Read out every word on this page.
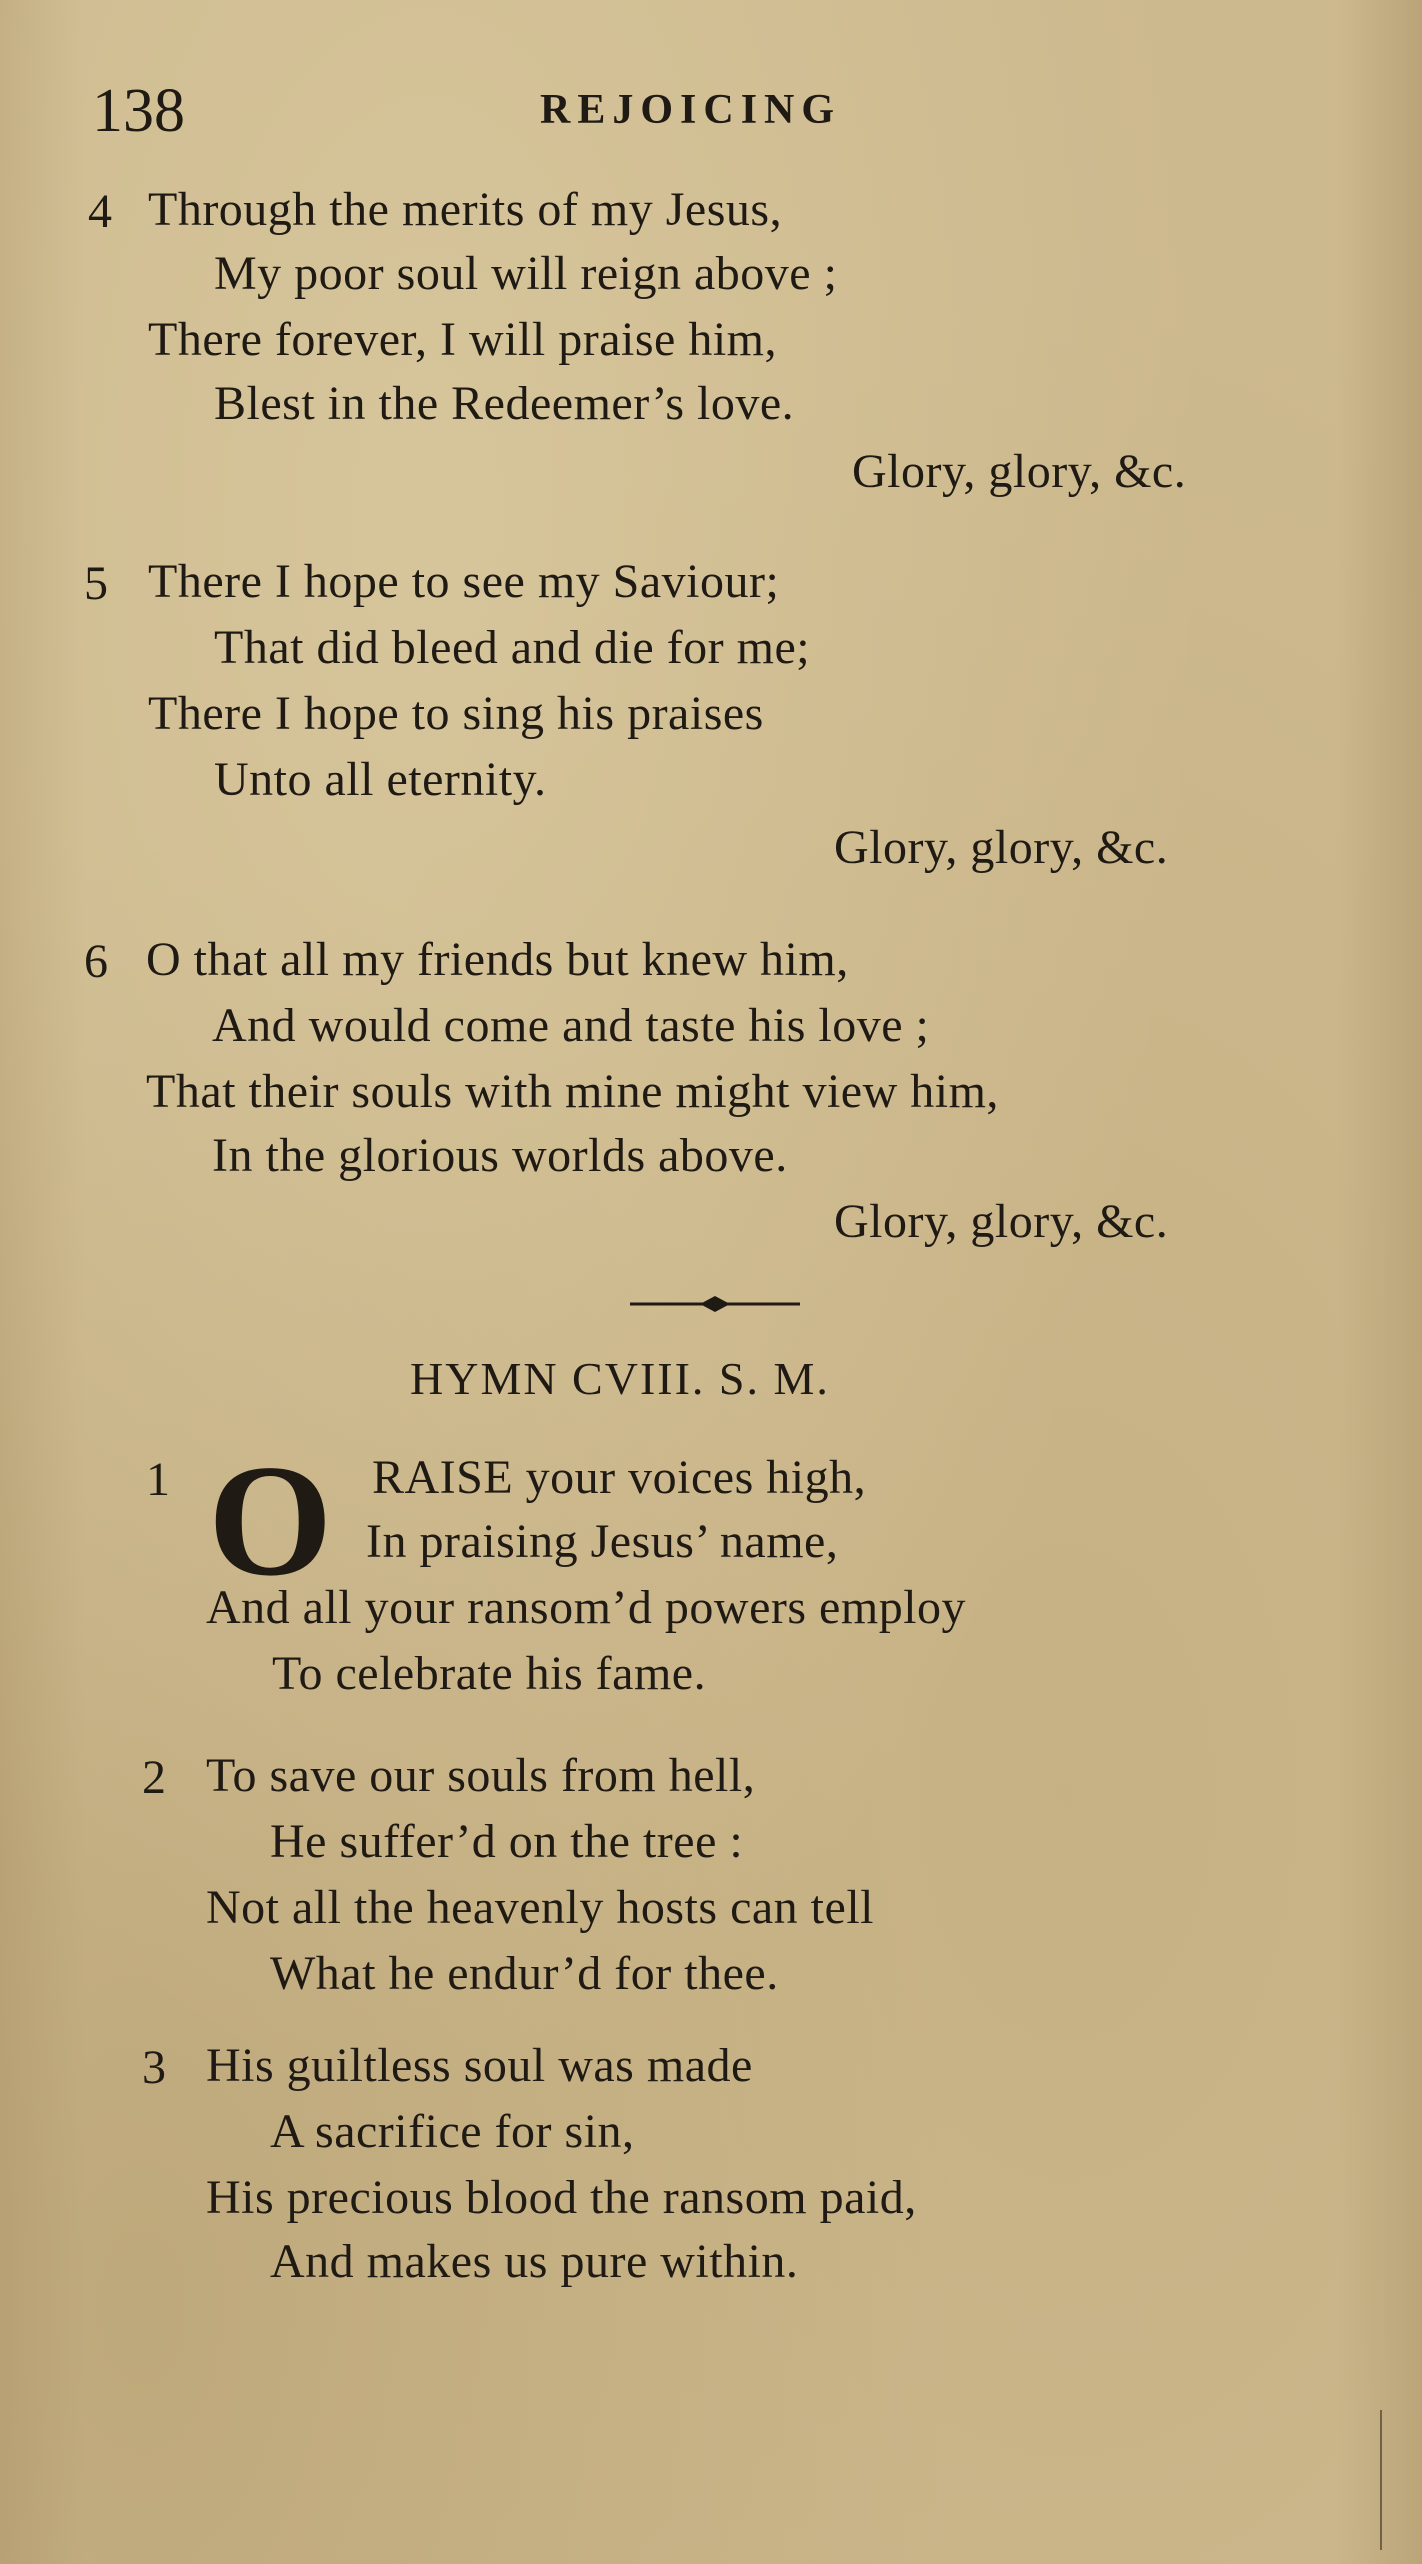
138	REJOICING
4 Through the merits of my Jesus,
My poor soul will reign above ;
There forever, I will praise him,
Blest in the Redeemer’s love.
Glory, glory, &c.
5 There I hope to see my Saviour;
That did bleed and die for me;
There I hope to sing his praises
Unto all eternity.
Glory, glory, &c.
6 O that all my friends but knew him,
And would come and taste his love ;
That their souls with mine might view him,
In the glorious worlds above.
Glory, glory, &c.
HYMN CVIII. S. M.
1 O RAISE your voices high,
In praising Jesus’ name,
And all your ransom’d powers employ
To celebrate his fame.
2 To save our souls from hell,
He suffer’d on the tree :
Not all the heavenly hosts can tell
What he endur’d for thee.
3 His guiltless soul was made
A sacrifice for sin,
His precious blood the ransom paid,
And makes us pure within.
